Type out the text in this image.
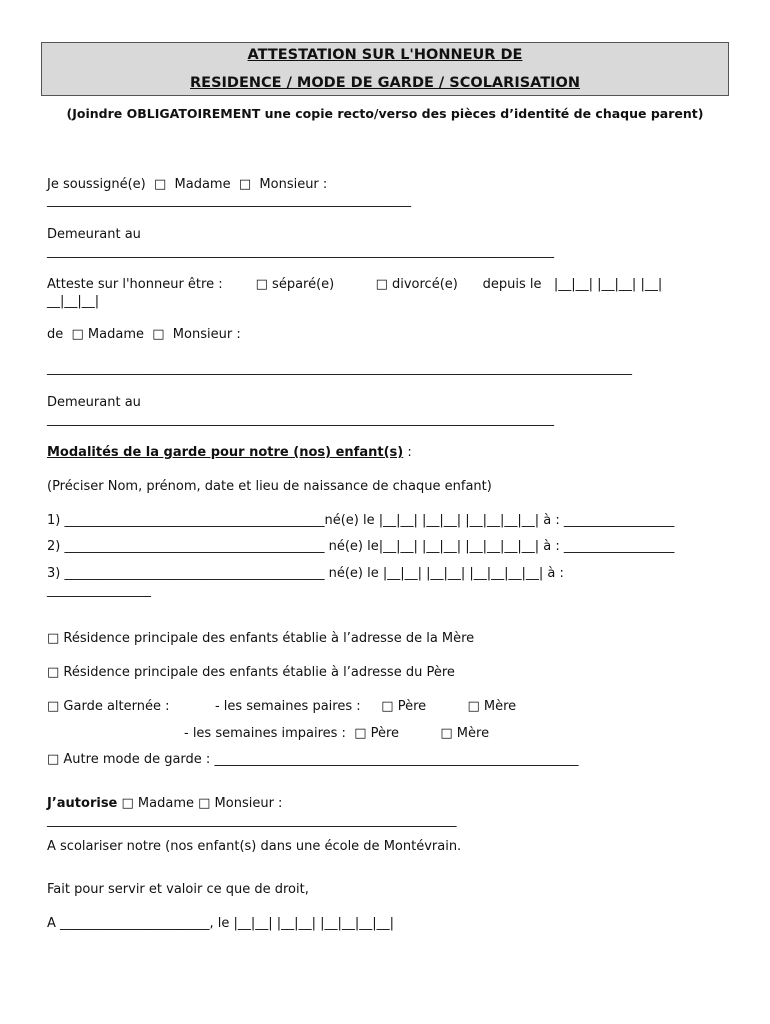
ATTESTATION SUR L'HONNEUR DE
RESIDENCE / MODE DE GARDE / SCOLARISATION
(Joindre OBLIGATOIREMENT une copie recto/verso des pièces d’identité de chaque parent)
Je soussigné(e)  □  Madame  □  Monsieur :
________________________________________________________
Demeurant au
______________________________________________________________________________
Atteste sur l'honneur être :        □ séparé(e)          □ divorcé(e)      depuis le   |__|__| |__|__| |__|
__|__|__|
de  □ Madame  □  Monsieur :
__________________________________________________________________________________________
Demeurant au
______________________________________________________________________________
Modalités de la garde pour notre (nos) enfant(s) :
(Préciser Nom, prénom, date et lieu de naissance de chaque enfant)
1) ________________________________________né(e) le |__|__| |__|__| |__|__|__|__| à : _________________
2) ________________________________________ né(e) le|__|__| |__|__| |__|__|__|__| à : _________________
3) ________________________________________ né(e) le |__|__| |__|__| |__|__|__|__| à :
________________
□ Résidence principale des enfants établie à l’adresse de la Mère
□ Résidence principale des enfants établie à l’adresse du Père
□ Garde alternée :           - les semaines paires :     □ Père          □ Mère
- les semaines impaires :  □ Père          □ Mère
□ Autre mode de garde : ________________________________________________________
J’autorise □ Madame □ Monsieur :
_______________________________________________________________
A scolariser notre (nos enfant(s) dans une école de Montévrain.
Fait pour servir et valoir ce que de droit,
A _______________________, le |__|__| |__|__| |__|__|__|__|
